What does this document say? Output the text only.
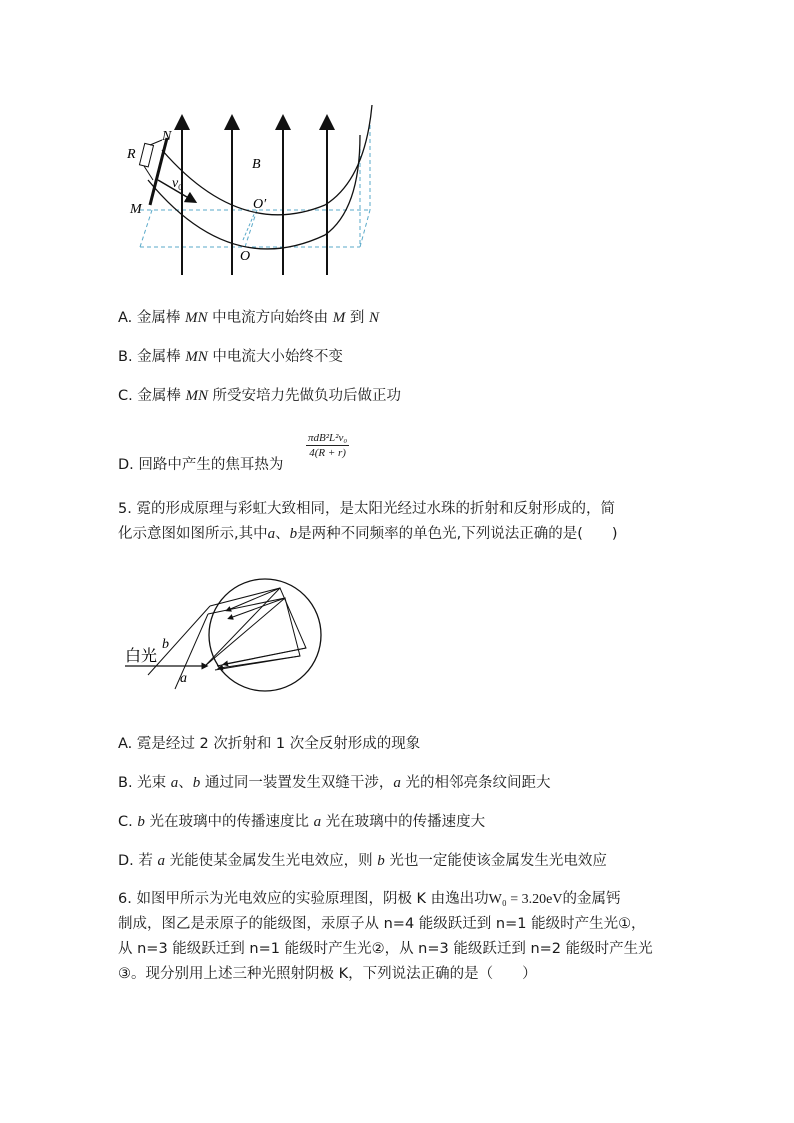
N
R
M
B
$v_0$
O′
O
A. 金属棒 MN 中电流方向始终由 M 到 N
B. 金属棒 MN 中电流大小始终不变
C. 金属棒 MN 所受安培力先做负功后做正功
D. 回路中产生的焦耳热为
πdB²L²v₀
4(R + r)
5. 霓的形成原理与彩虹大致相同，是太阳光经过水珠的折射和反射形成的，简
化示意图如图所示,其中a、b是两种不同频率的单色光,下列说法正确的是(　　)
白光
b
a
A. 霓是经过 2 次折射和 1 次全反射形成的现象
B. 光束 a、b 通过同一装置发生双缝干涉，a 光的相邻亮条纹间距大
C. b 光在玻璃中的传播速度比 a 光在玻璃中的传播速度大
D. 若 a 光能使某金属发生光电效应，则 b 光也一定能使该金属发生光电效应
6. 如图甲所示为光电效应的实验原理图，阴极 K 由逸出功W₀ = 3.20eV的金属钙
制成，图乙是汞原子的能级图，汞原子从 n=4 能级跃迁到 n=1 能级时产生光①，
从 n=3 能级跃迁到 n=1 能级时产生光②，从 n=3 能级跃迁到 n=2 能级时产生光
③。现分别用上述三种光照射阴极 K，下列说法正确的是（　　）
